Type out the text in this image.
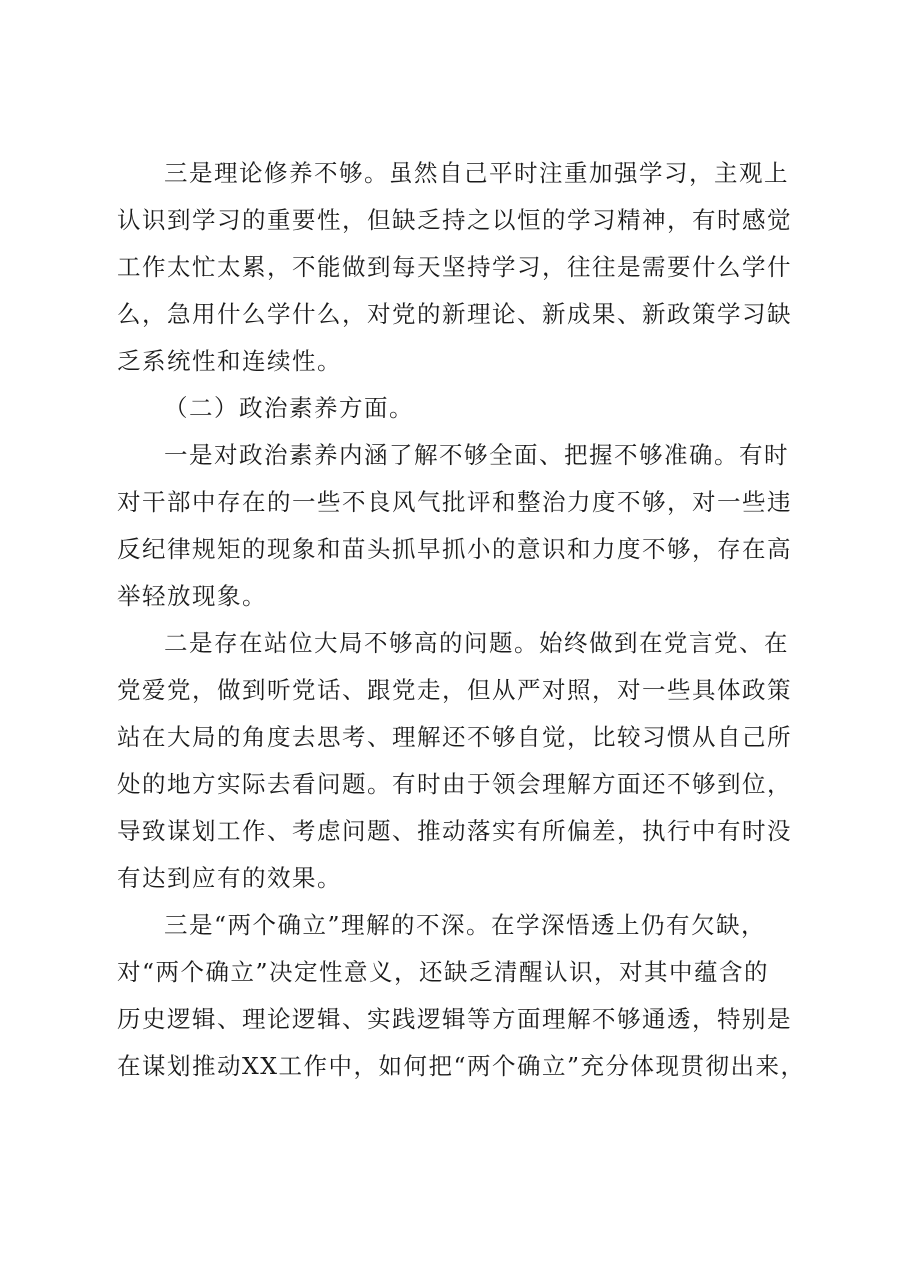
三是理论修养不够。虽然自己平时注重加强学习，主观上
认识到学习的重要性，但缺乏持之以恒的学习精神，有时感觉
工作太忙太累，不能做到每天坚持学习，往往是需要什么学什
么，急用什么学什么，对党的新理论、新成果、新政策学习缺
乏系统性和连续性。

（二）政治素养方面。

一是对政治素养内涵了解不够全面、把握不够准确。有时
对干部中存在的一些不良风气批评和整治力度不够，对一些违
反纪律规矩的现象和苗头抓早抓小的意识和力度不够，存在高
举轻放现象。

二是存在站位大局不够高的问题。始终做到在党言党、在
党爱党，做到听党话、跟党走，但从严对照，对一些具体政策
站在大局的角度去思考、理解还不够自觉，比较习惯从自己所
处的地方实际去看问题。有时由于领会理解方面还不够到位，
导致谋划工作、考虑问题、推动落实有所偏差，执行中有时没
有达到应有的效果。

三是“两个确立”理解的不深。在学深悟透上仍有欠缺，
对“两个确立”决定性意义，还缺乏清醒认识，对其中蕴含的
历史逻辑、理论逻辑、实践逻辑等方面理解不够通透，特别是
在谋划推动XX工作中，如何把“两个确立”充分体现贯彻出来，
